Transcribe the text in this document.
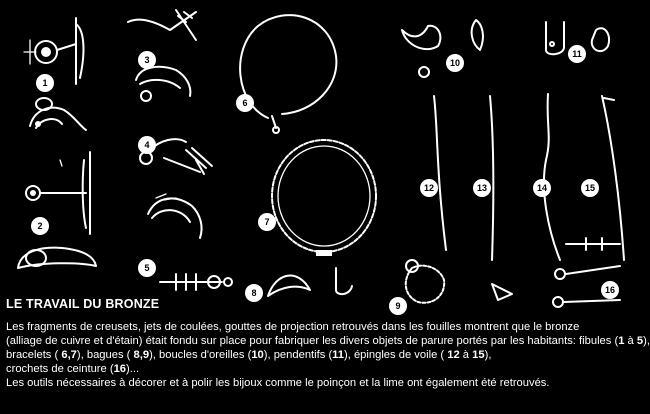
1
2
3
4
5
6
7
8
9
10
11
12	13	14	15
16
LE TRAVAIL DU BRONZE

Les fragments de creusets, jets de coulées, gouttes de projection retrouvés dans les fouilles montrent que le bronze

(alliage de cuivre et d'étain) était fondu sur place pour fabriquer les divers objets de parure portés par les habitants: fibules (1 à 5),

bracelets ( 6,7), bagues ( 8,9), boucles d'oreilles (10), pendentifs (11), épingles de voile ( 12 à 15),

crochets de ceinture (16)...

Les outils nécessaires à décorer et à polir les bijoux comme le poinçon et la lime ont également été retrouvés.
